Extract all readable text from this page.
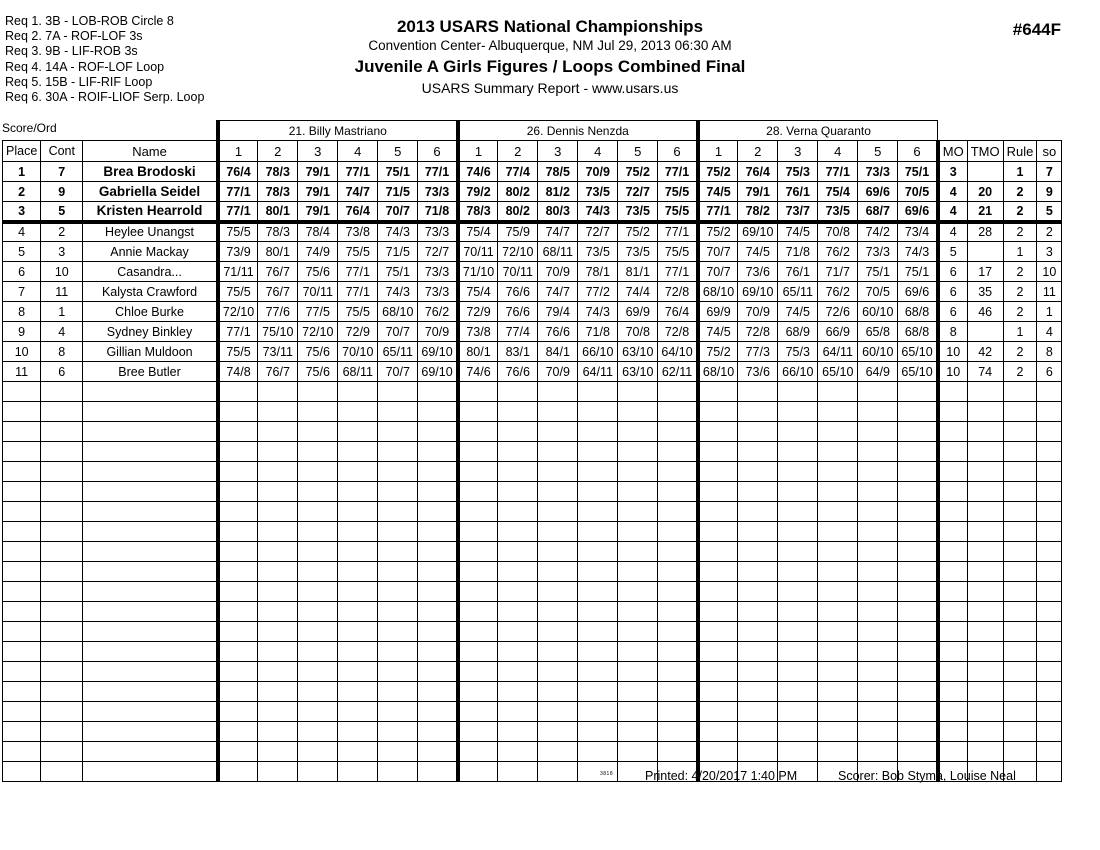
Req 1. 3B - LOB-ROB Circle 8
Req 2. 7A - ROF-LOF 3s
Req 3. 9B - LIF-ROB 3s
Req 4. 14A - ROF-LOF Loop
Req 5. 15B - LIF-RIF Loop
Req 6. 30A - ROIF-LIOF Serp. Loop
2013 USARS National Championships
Convention Center- Albuquerque, NM Jul 29, 2013 06:30 AM
Juvenile A Girls Figures / Loops Combined Final
USARS Summary Report - www.usars.us
#644F
Score/Ord
			21. Billy Mastriano						26. Dennis Nenzda						28. Verna Quaranto									
Place	Cont	Name	1	2	3	4	5	6	1	2	3	4	5	6	1	2	3	4	5	6	MO	TMO	Rule	so
1	7	Brea Brodoski	76/4	78/3	79/1	77/1	75/1	77/1	74/6	77/4	78/5	70/9	75/2	77/1	75/2	76/4	75/3	77/1	73/3	75/1	3		1	7
2	9	Gabriella Seidel	77/1	78/3	79/1	74/7	71/5	73/3	79/2	80/2	81/2	73/5	72/7	75/5	74/5	79/1	76/1	75/4	69/6	70/5	4	20	2	9
3	5	Kristen Hearrold	77/1	80/1	79/1	76/4	70/7	71/8	78/3	80/2	80/3	74/3	73/5	75/5	77/1	78/2	73/7	73/5	68/7	69/6	4	21	2	5
4	2	Heylee Unangst	75/5	78/3	78/4	73/8	74/3	73/3	75/4	75/9	74/7	72/7	75/2	77/1	75/2	69/10	74/5	70/8	74/2	73/4	4	28	2	2
5	3	Annie Mackay	73/9	80/1	74/9	75/5	71/5	72/7	70/11	72/10	68/11	73/5	73/5	75/5	70/7	74/5	71/8	76/2	73/3	74/3	5		1	3
6	10	Casandra...	71/11	76/7	75/6	77/1	75/1	73/3	71/10	70/11	70/9	78/1	81/1	77/1	70/7	73/6	76/1	71/7	75/1	75/1	6	17	2	10
7	11	Kalysta Crawford	75/5	76/7	70/11	77/1	74/3	73/3	75/4	76/6	74/7	77/2	74/4	72/8	68/10	69/10	65/11	76/2	70/5	69/6	6	35	2	11
8	1	Chloe Burke	72/10	77/6	77/5	75/5	68/10	76/2	72/9	76/6	79/4	74/3	69/9	76/4	69/9	70/9	74/5	72/6	60/10	68/8	6	46	2	1
9	4	Sydney Binkley	77/1	75/10	72/10	72/9	70/7	70/9	73/8	77/4	76/6	71/8	70/8	72/8	74/5	72/8	68/9	66/9	65/8	68/8	8		1	4
10	8	Gillian Muldoon	75/5	73/11	75/6	70/10	65/11	69/10	80/1	83/1	84/1	66/10	63/10	64/10	75/2	77/3	75/3	64/11	60/10	65/10	10	42	2	8
11	6	Bree Butler	74/8	76/7	75/6	68/11	70/7	69/10	74/6	76/6	70/9	64/11	63/10	62/11	68/10	73/6	66/10	65/10	64/9	65/10	10	74	2	6

3818	Printed: 4/20/2017 1:40 PM	Scorer: Bob Styma, Louise Neal
